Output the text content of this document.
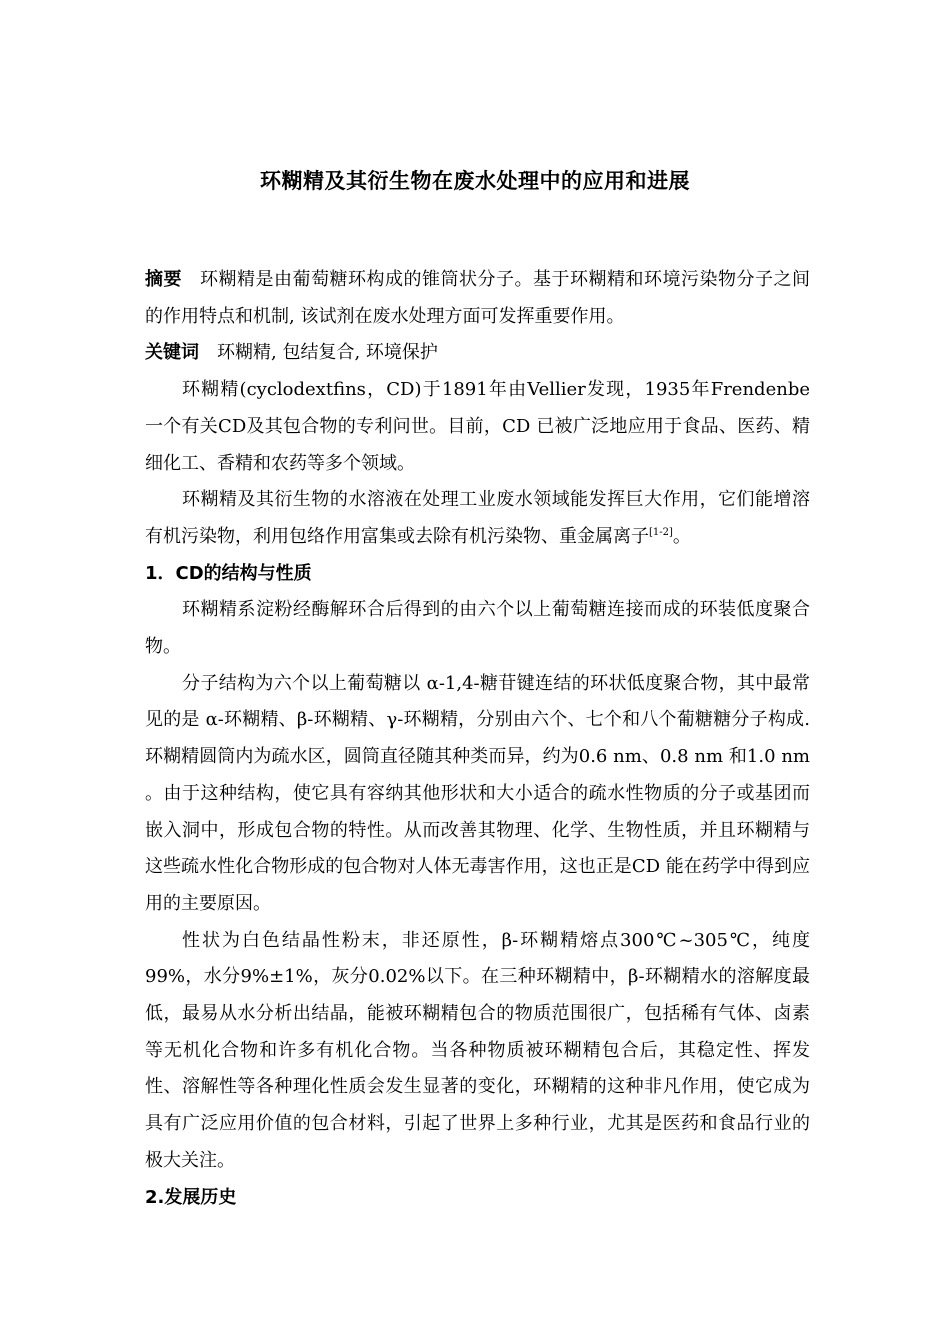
环糊精及其衍生物在废水处理中的应用和进展

摘要 环糊精是由葡萄糖环构成的锥筒状分子。基于环糊精和环境污染物分子之间的作用特点和机制, 该试剂在废水处理方面可发挥重要作用。

关键词 环糊精, 包结复合, 环境保护

环糊精(cyclodextfins，CD)于1891年由Vellier发现，1935年Frendenbe 一个有关CD及其包合物的专利问世。目前，CD 已被广泛地应用于食品、医药、精细化工、香精和农药等多个领域。

环糊精及其衍生物的水溶液在处理工业废水领域能发挥巨大作用，它们能增溶有机污染物，利用包络作用富集或去除有机污染物、重金属离子[1-2]。

1．CD的结构与性质

环糊精系淀粉经酶解环合后得到的由六个以上葡萄糖连接而成的环装低度聚合物。

分子结构为六个以上葡萄糖以 α-1,4-糖苷键连结的环状低度聚合物，其中最常见的是 α-环糊精、β-环糊精、γ-环糊精，分别由六个、七个和八个葡糖糖分子构成.环糊精圆筒内为疏水区，圆筒直径随其种类而异，约为0.6 nm、0.8 nm 和1.0 nm 。由于这种结构，使它具有容纳其他形状和大小适合的疏水性物质的分子或基团而嵌入洞中，形成包合物的特性。从而改善其物理、化学、生物性质，并且环糊精与这些疏水性化合物形成的包合物对人体无毒害作用，这也正是CD 能在药学中得到应用的主要原因。

性状为白色结晶性粉末，非还原性，β-环糊精熔点300℃~305℃，纯度99%，水分9%±1%，灰分0.02%以下。在三种环糊精中，β-环糊精水的溶解度最低，最易从水分析出结晶，能被环糊精包合的物质范围很广，包括稀有气体、卤素等无机化合物和许多有机化合物。当各种物质被环糊精包合后，其稳定性、挥发性、溶解性等各种理化性质会发生显著的变化，环糊精的这种非凡作用，使它成为具有广泛应用价值的包合材料，引起了世界上多种行业，尤其是医药和食品行业的极大关注。

2.发展历史
